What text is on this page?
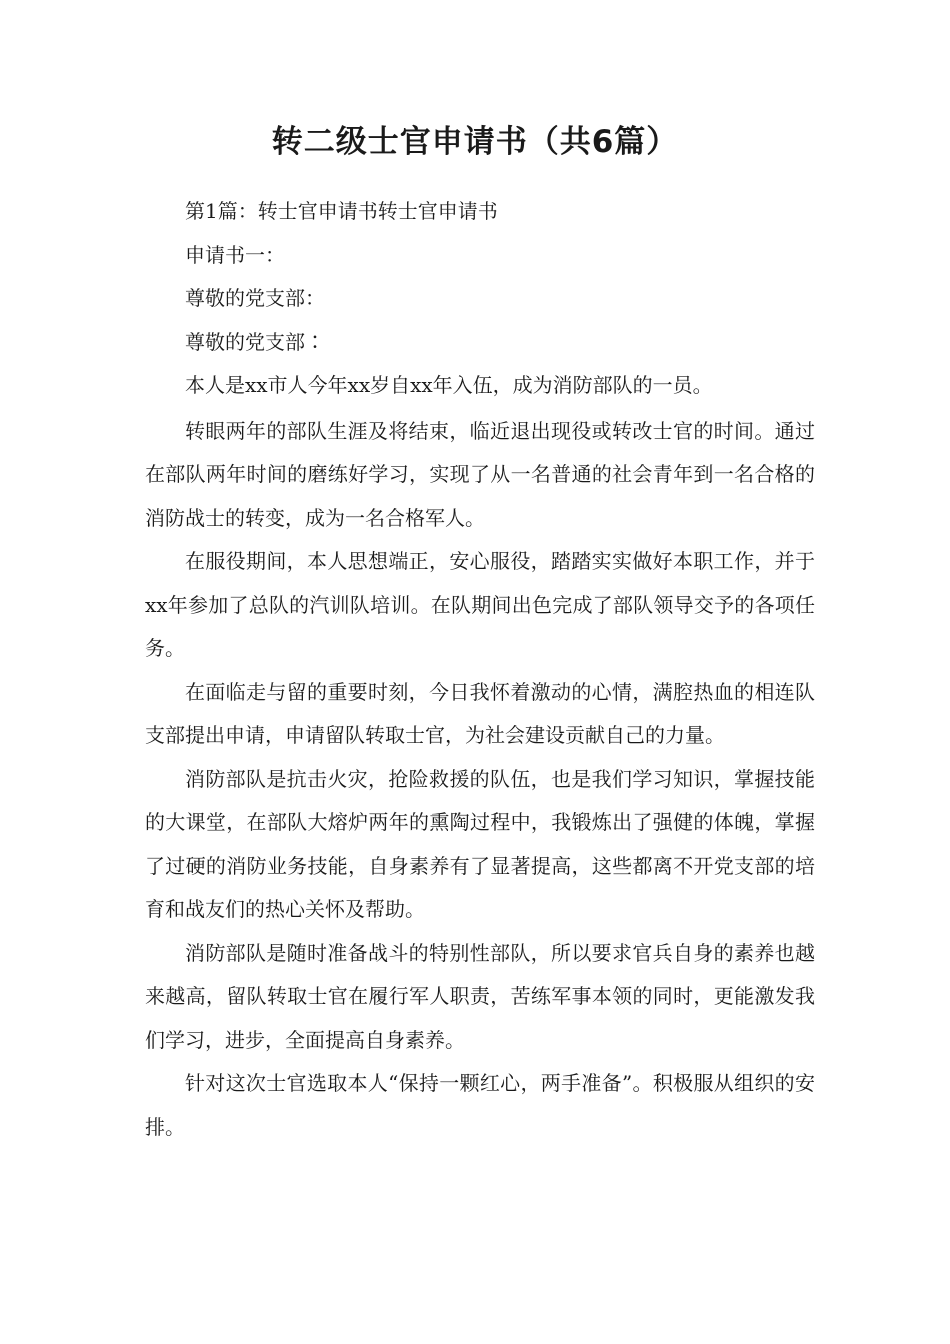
转二级士官申请书（共6篇）

第1篇：转士官申请书转士官申请书

申请书一：

尊敬的党支部：

尊敬的党支部∶

本人是xx市人今年xx岁自xx年入伍，成为消防部队的一员。

转眼两年的部队生涯及将结束，临近退出现役或转改士官的时间。通过在部队两年时间的磨练好学习，实现了从一名普通的社会青年到一名合格的消防战士的转变，成为一名合格军人。

在服役期间，本人思想端正，安心服役，踏踏实实做好本职工作，并于xx年参加了总队的汽训队培训。在队期间出色完成了部队领导交予的各项任务。

在面临走与留的重要时刻，今日我怀着激动的心情，满腔热血的相连队支部提出申请，申请留队转取士官，为社会建设贡献自己的力量。

消防部队是抗击火灾，抢险救援的队伍，也是我们学习知识，掌握技能的大课堂，在部队大熔炉两年的熏陶过程中，我锻炼出了强健的体魄，掌握了过硬的消防业务技能，自身素养有了显著提高，这些都离不开党支部的培育和战友们的热心关怀及帮助。

消防部队是随时准备战斗的特别性部队，所以要求官兵自身的素养也越来越高，留队转取士官在履行军人职责，苦练军事本领的同时，更能激发我们学习，进步，全面提高自身素养。

针对这次士官选取本人“保持一颗红心，两手准备”。积极服从组织的安排。
